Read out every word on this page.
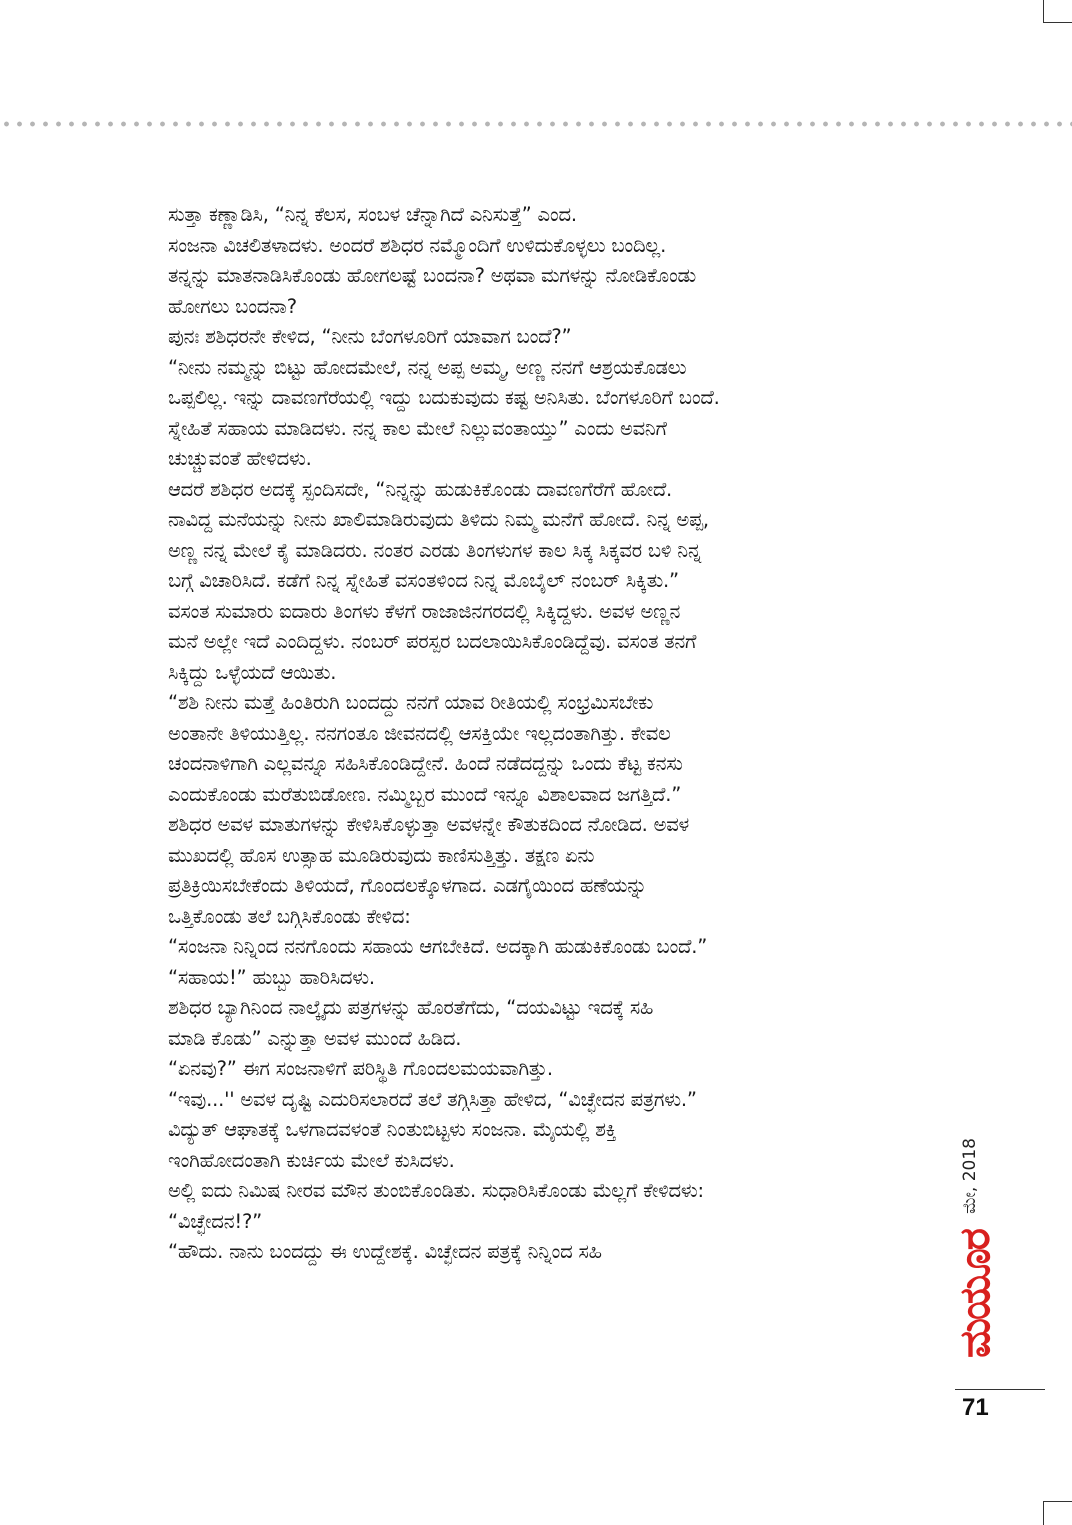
ಸುತ್ತಾ ಕಣ್ಣಾಡಿಸಿ, “ನಿನ್ನ ಕೆಲಸ, ಸಂಬಳ ಚೆನ್ನಾಗಿದೆ ಎನಿಸುತ್ತೆ” ಎಂದ.

ಸಂಜನಾ ವಿಚಲಿತಳಾದಳು. ಅಂದರೆ ಶಶಿಧರ ನಮ್ಮೊಂದಿಗೆ ಉಳಿದುಕೊಳ್ಳಲು ಬಂದಿಲ್ಲ.

ತನ್ನನ್ನು ಮಾತನಾಡಿಸಿಕೊಂಡು ಹೋಗಲಷ್ಟೆ ಬಂದನಾ? ಅಥವಾ ಮಗಳನ್ನು ನೋಡಿಕೊಂಡು

ಹೋಗಲು ಬಂದನಾ?

ಪುನಃ ಶಶಿಧರನೇ ಕೇಳಿದ, “ನೀನು ಬೆಂಗಳೂರಿಗೆ ಯಾವಾಗ ಬಂದೆ?”

“ನೀನು ನಮ್ಮನ್ನು ಬಿಟ್ಟು ಹೋದಮೇಲೆ, ನನ್ನ ಅಪ್ಪ ಅಮ್ಮ, ಅಣ್ಣ ನನಗೆ ಆಶ್ರಯಕೊಡಲು

ಒಪ್ಪಲಿಲ್ಲ. ಇನ್ನು ದಾವಣಗೆರೆಯಲ್ಲಿ ಇದ್ದು ಬದುಕುವುದು ಕಷ್ಟ ಅನಿಸಿತು. ಬೆಂಗಳೂರಿಗೆ ಬಂದೆ.

ಸ್ನೇಹಿತೆ ಸಹಾಯ ಮಾಡಿದಳು. ನನ್ನ ಕಾಲ ಮೇಲೆ ನಿಲ್ಲುವಂತಾಯ್ತು” ಎಂದು ಅವನಿಗೆ

ಚುಚ್ಚುವಂತೆ ಹೇಳಿದಳು.

ಆದರೆ ಶಶಿಧರ ಅದಕ್ಕೆ ಸ್ಪಂದಿಸದೇ, “ನಿನ್ನನ್ನು ಹುಡುಕಿಕೊಂಡು ದಾವಣಗೆರೆಗೆ ಹೋದೆ.

ನಾವಿದ್ದ ಮನೆಯನ್ನು ನೀನು ಖಾಲಿಮಾಡಿರುವುದು ತಿಳಿದು ನಿಮ್ಮ ಮನೆಗೆ ಹೋದೆ. ನಿನ್ನ ಅಪ್ಪ,

ಅಣ್ಣ ನನ್ನ ಮೇಲೆ ಕೈ ಮಾಡಿದರು. ನಂತರ ಎರಡು ತಿಂಗಳುಗಳ ಕಾಲ ಸಿಕ್ಕ ಸಿಕ್ಕವರ ಬಳಿ ನಿನ್ನ

ಬಗ್ಗೆ ವಿಚಾರಿಸಿದೆ. ಕಡೆಗೆ ನಿನ್ನ ಸ್ನೇಹಿತೆ ವಸಂತಳಿಂದ ನಿನ್ನ ಮೊಬೈಲ್ ನಂಬರ್ ಸಿಕ್ಕಿತು.”

ವಸಂತ ಸುಮಾರು ಐದಾರು ತಿಂಗಳು ಕೆಳಗೆ ರಾಜಾಜಿನಗರದಲ್ಲಿ ಸಿಕ್ಕಿದ್ದಳು. ಅವಳ ಅಣ್ಣನ

ಮನೆ ಅಲ್ಲೇ ಇದೆ ಎಂದಿದ್ದಳು. ನಂಬರ್ ಪರಸ್ಪರ ಬದಲಾಯಿಸಿಕೊಂಡಿದ್ದೆವು. ವಸಂತ ತನಗೆ

ಸಿಕ್ಕಿದ್ದು ಒಳ್ಳೆಯದೆ ಆಯಿತು.

“ಶಶಿ ನೀನು ಮತ್ತೆ ಹಿಂತಿರುಗಿ ಬಂದದ್ದು ನನಗೆ ಯಾವ ರೀತಿಯಲ್ಲಿ ಸಂಭ್ರಮಿಸಬೇಕು

ಅಂತಾನೇ ತಿಳಿಯುತ್ತಿಲ್ಲ. ನನಗಂತೂ ಜೀವನದಲ್ಲಿ ಆಸಕ್ತಿಯೇ ಇಲ್ಲದಂತಾಗಿತ್ತು. ಕೇವಲ

ಚಂದನಾಳಿಗಾಗಿ ಎಲ್ಲವನ್ನೂ ಸಹಿಸಿಕೊಂಡಿದ್ದೇನೆ. ಹಿಂದೆ ನಡೆದದ್ದನ್ನು ಒಂದು ಕೆಟ್ಟ ಕನಸು

ಎಂದುಕೊಂಡು ಮರೆತುಬಿಡೋಣ. ನಮ್ಮಿಬ್ಬರ ಮುಂದೆ ಇನ್ನೂ ವಿಶಾಲವಾದ ಜಗತ್ತಿದೆ.”

ಶಶಿಧರ ಅವಳ ಮಾತುಗಳನ್ನು ಕೇಳಿಸಿಕೊಳ್ಳುತ್ತಾ ಅವಳನ್ನೇ ಕೌತುಕದಿಂದ ನೋಡಿದ. ಅವಳ

ಮುಖದಲ್ಲಿ ಹೊಸ ಉತ್ಸಾಹ ಮೂಡಿರುವುದು ಕಾಣಿಸುತ್ತಿತ್ತು. ತಕ್ಷಣ ಏನು

ಪ್ರತಿಕ್ರಿಯಿಸಬೇಕೆಂದು ತಿಳಿಯದೆ, ಗೊಂದಲಕ್ಕೊಳಗಾದ. ಎಡಗೈಯಿಂದ ಹಣೆಯನ್ನು

ಒತ್ತಿಕೊಂಡು ತಲೆ ಬಗ್ಗಿಸಿಕೊಂಡು ಕೇಳಿದ:

“ಸಂಜನಾ ನಿನ್ನಿಂದ ನನಗೊಂದು ಸಹಾಯ ಆಗಬೇಕಿದೆ. ಅದಕ್ಕಾಗಿ ಹುಡುಕಿಕೊಂಡು ಬಂದೆ.”

“ಸಹಾಯ!” ಹುಬ್ಬು ಹಾರಿಸಿದಳು.

ಶಶಿಧರ ಬ್ಯಾಗಿನಿಂದ ನಾಲ್ಕೈದು ಪತ್ರಗಳನ್ನು ಹೊರತೆಗೆದು, “ದಯವಿಟ್ಟು ಇದಕ್ಕೆ ಸಹಿ

ಮಾಡಿ ಕೊಡು” ಎನ್ನುತ್ತಾ ಅವಳ ಮುಂದೆ ಹಿಡಿದ.

“ಏನವು?” ಈಗ ಸಂಜನಾಳಿಗೆ ಪರಿಸ್ಥಿತಿ ಗೊಂದಲಮಯವಾಗಿತ್ತು.

“ಇವು...'' ಅವಳ ದೃಷ್ಟಿ ಎದುರಿಸಲಾರದೆ ತಲೆ ತಗ್ಗಿಸಿತ್ತಾ ಹೇಳಿದ, “ವಿಚ್ಛೇದನ ಪತ್ರಗಳು.”

ವಿದ್ಯುತ್ ಆಘಾತಕ್ಕೆ ಒಳಗಾದವಳಂತೆ ನಿಂತುಬಿಟ್ಟಳು ಸಂಜನಾ. ಮೈಯಲ್ಲಿ ಶಕ್ತಿ

ಇಂಗಿಹೋದಂತಾಗಿ ಕುರ್ಚಿಯ ಮೇಲೆ ಕುಸಿದಳು.

ಅಲ್ಲಿ ಐದು ನಿಮಿಷ ನೀರವ ಮೌನ ತುಂಬಿಕೊಂಡಿತು. ಸುಧಾರಿಸಿಕೊಂಡು ಮೆಲ್ಲಗೆ ಕೇಳಿದಳು:

“ವಿಚ್ಛೇದನ!?”

“ಹೌದು. ನಾನು ಬಂದದ್ದು ಈ ಉದ್ದೇಶಕ್ಕೆ. ವಿಚ್ಛೇದನ ಪತ್ರಕ್ಕೆ ನಿನ್ನಿಂದ ಸಹಿ

ಮೇ, 2018
ಮಯೂರ
71
